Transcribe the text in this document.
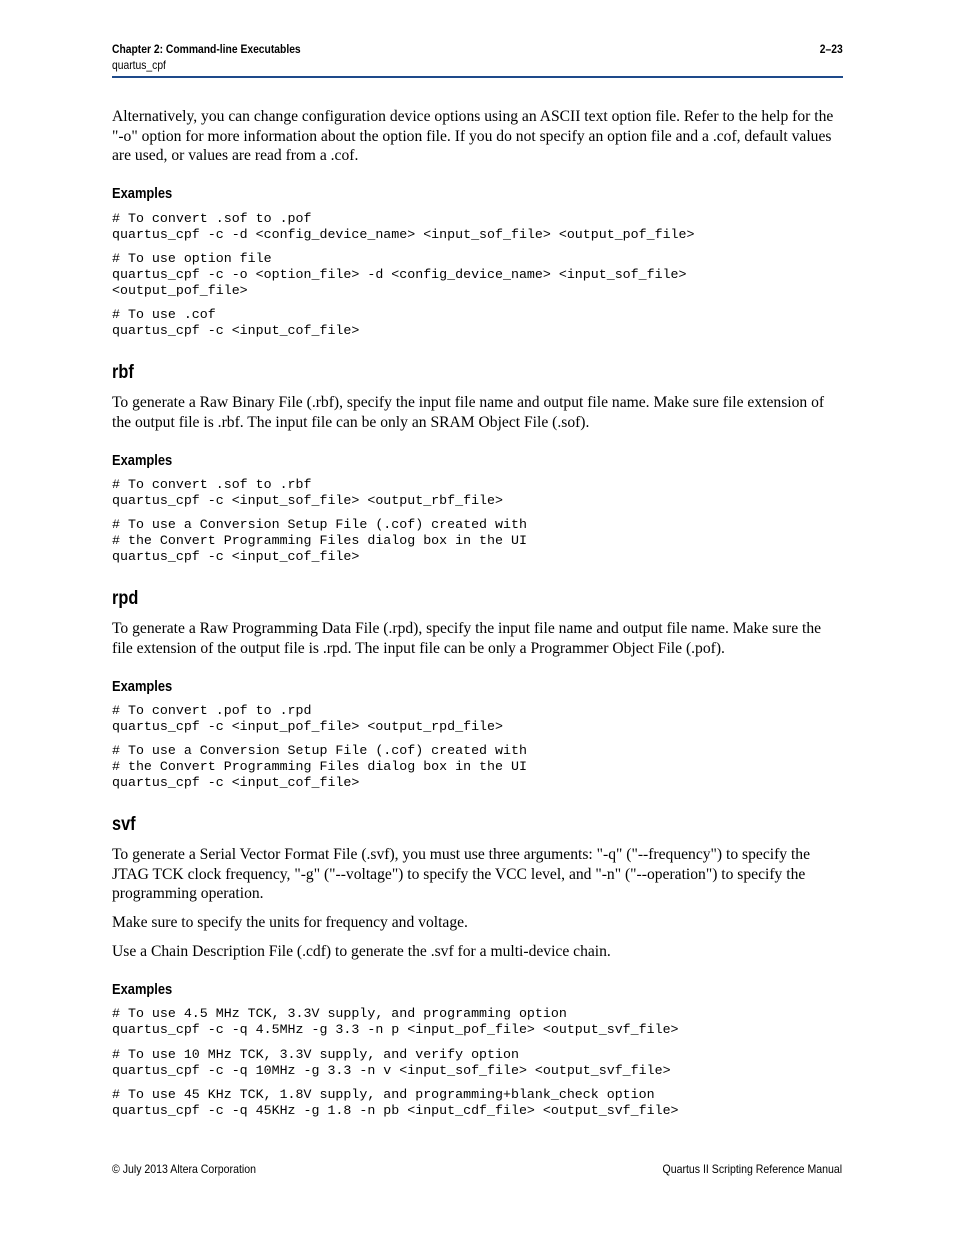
Chapter 2: Command-line Executables
quartus_cpf
2–23

Alternatively, you can change configuration device options using an ASCII text option file. Refer to the help for the "-o" option for more information about the option file. If you do not specify an option file and a .cof, default values are used, or values are read from a .cof.

Examples
# To convert .sof to .pof
quartus_cpf -c -d <config_device_name> <input_sof_file> <output_pof_file>
# To use option file
quartus_cpf -c -o <option_file> -d <config_device_name> <input_sof_file>
<output_pof_file>
# To use .cof
quartus_cpf -c <input_cof_file>
rbf

To generate a Raw Binary File (.rbf), specify the input file name and output file name. Make sure file extension of the output file is .rbf. The input file can be only an SRAM Object File (.sof).

Examples
# To convert .sof to .rbf
quartus_cpf -c <input_sof_file> <output_rbf_file>
# To use a Conversion Setup File (.cof) created with
# the Convert Programming Files dialog box in the UI
quartus_cpf -c <input_cof_file>
rpd

To generate a Raw Programming Data File (.rpd), specify the input file name and output file name. Make sure the file extension of the output file is .rpd. The input file can be only a Programmer Object File (.pof).

Examples
# To convert .pof to .rpd
quartus_cpf -c <input_pof_file> <output_rpd_file>
# To use a Conversion Setup File (.cof) created with
# the Convert Programming Files dialog box in the UI
quartus_cpf -c <input_cof_file>
svf

To generate a Serial Vector Format File (.svf), you must use three arguments: "-q" ("--frequency") to specify the JTAG TCK clock frequency, "-g" ("--voltage") to specify the VCC level, and "-n" ("--operation") to specify the programming operation.

Make sure to specify the units for frequency and voltage.

Use a Chain Description File (.cdf) to generate the .svf for a multi-device chain.

Examples
# To use 4.5 MHz TCK, 3.3V supply, and programming option
quartus_cpf -c -q 4.5MHz -g 3.3 -n p <input_pof_file> <output_svf_file>
# To use 10 MHz TCK, 3.3V supply, and verify option
quartus_cpf -c -q 10MHz -g 3.3 -n v <input_sof_file> <output_svf_file>
# To use 45 KHz TCK, 1.8V supply, and programming+blank_check option
quartus_cpf -c -q 45KHz -g 1.8 -n pb <input_cdf_file> <output_svf_file>
© July 2013 Altera Corporation	Quartus II Scripting Reference Manual
